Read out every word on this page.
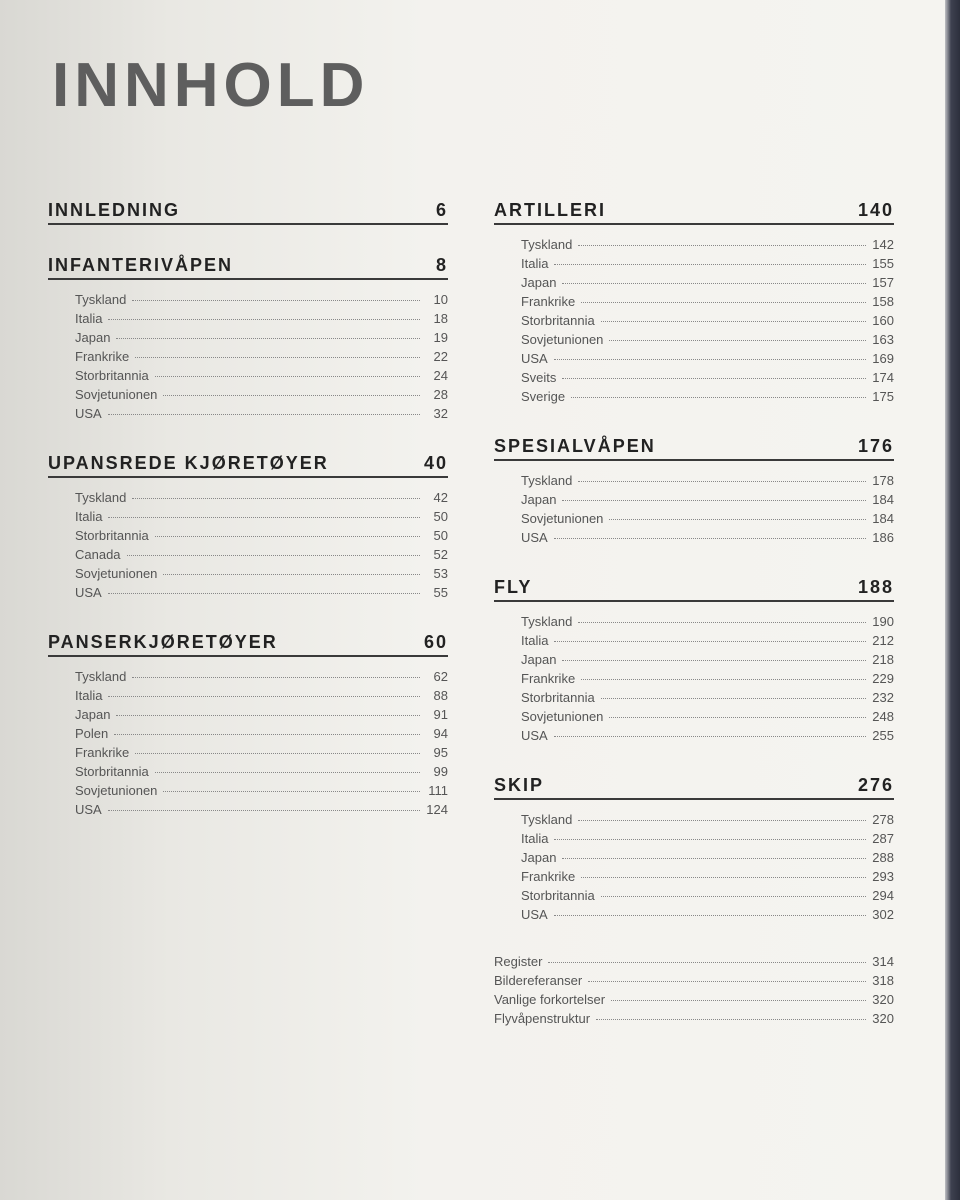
INNHOLD
INNLEDNING	6
INFANTERIVÅPEN	8
Tyskland	10
Italia	18
Japan	19
Frankrike	22
Storbritannia	24
Sovjetunionen	28
USA	32
UPANSREDE KJØRETØYER	40
Tyskland	42
Italia	50
Storbritannia	50
Canada	52
Sovjetunionen	53
USA	55
PANSERKJØRETØYER	60
Tyskland	62
Italia	88
Japan	91
Polen	94
Frankrike	95
Storbritannia	99
Sovjetunionen	111
USA	124
ARTILLERI	140
Tyskland	142
Italia	155
Japan	157
Frankrike	158
Storbritannia	160
Sovjetunionen	163
USA	169
Sveits	174
Sverige	175
SPESIALVÅPEN	176
Tyskland	178
Japan	184
Sovjetunionen	184
USA	186
FLY	188
Tyskland	190
Italia	212
Japan	218
Frankrike	229
Storbritannia	232
Sovjetunionen	248
USA	255
SKIP	276
Tyskland	278
Italia	287
Japan	288
Frankrike	293
Storbritannia	294
USA	302
Register	314
Bildereferanser	318
Vanlige forkortelser	320
Flyvåpenstruktur	320
